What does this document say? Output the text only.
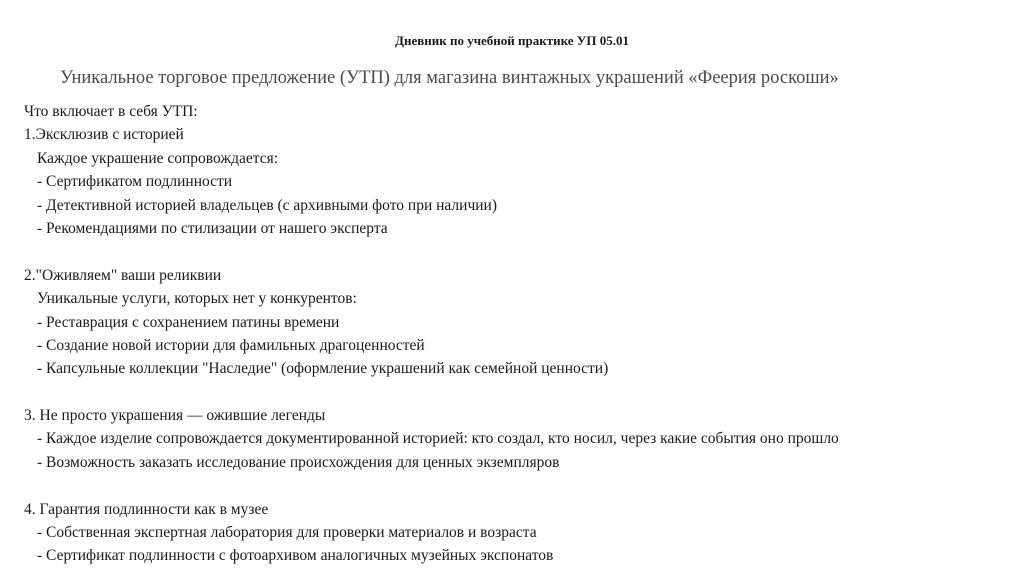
Дневник по учебной практике УП 05.01
Уникальное торговое предложение (УТП) для магазина винтажных украшений «Феерия роскоши»
Что включает в себя УТП:
1.Эксклюзив с историей
Каждое украшение сопровождается:
- Сертификатом подлинности
- Детективной историей владельцев (с архивными фото при наличии)
- Рекомендациями по стилизации от нашего эксперта
2."Оживляем" ваши реликвии
Уникальные услуги, которых нет у конкурентов:
- Реставрация с сохранением патины времени
- Создание новой истории для фамильных драгоценностей
- Капсульные коллекции "Наследие" (оформление украшений как семейной ценности)
3. Не просто украшения — ожившие легенды
- Каждое изделие сопровождается документированной историей: кто создал, кто носил, через какие события оно прошло
- Возможность заказать исследование происхождения для ценных экземпляров
4. Гарантия подлинности как в музее
- Собственная экспертная лаборатория для проверки материалов и возраста
- Сертификат подлинности с фотоархивом аналогичных музейных экспонатов
